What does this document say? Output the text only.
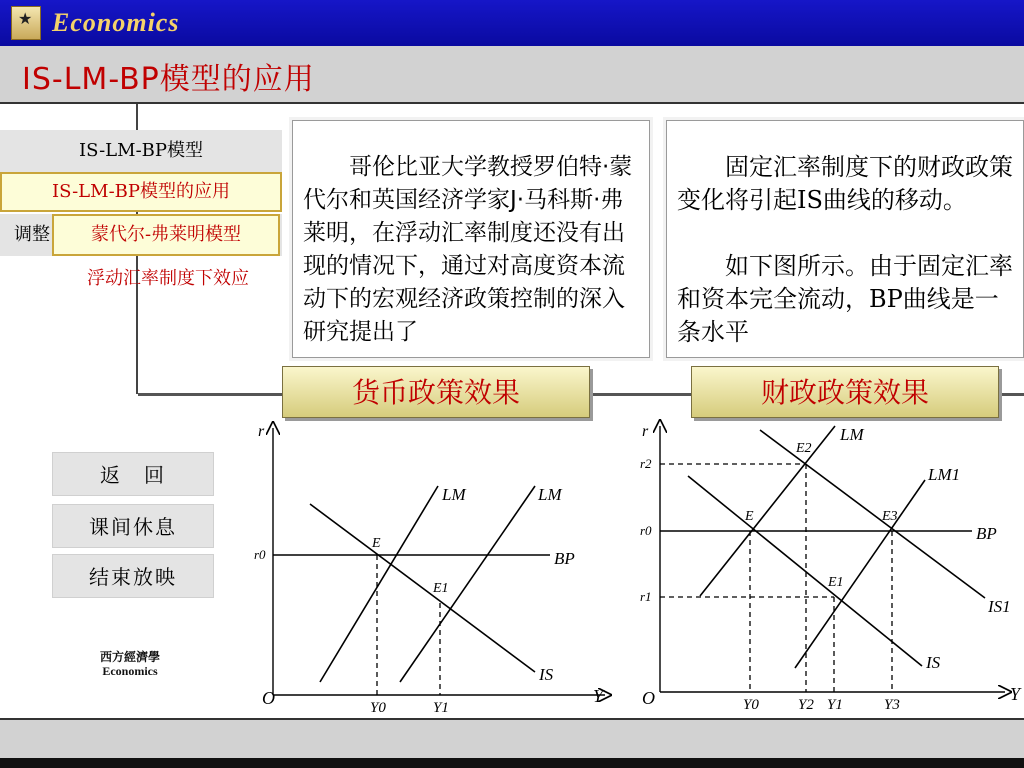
★ Economics
IS-LM-BP模型的应用
IS-LM-BP模型
IS-LM-BP模型的应用
调整	蒙代尔-弗莱明模型
浮动汇率制度下效应

哥伦比亚大学教授罗伯特·蒙代尔和英国经济学家J·马科斯·弗莱明，在浮动汇率制度还没有出现的情况下，通过对高度资本流动下的宏观经济政策控制的深入研究提出了

固定汇率制度下的财政政策变化将引起IS曲线的移动。

如下图所示。由于固定汇率和资本完全流动，BP曲线是一条水平

货币政策效果	财政政策效果
返　回
课间休息
结束放映
西方經濟學
Economics
r
Y
O
BP
LM	LM
IS
E
E1
r0
Y0	Y1
r
Y
O
BP
LM
LM1
IS1
IS
E2
E	E3
E1
r2
r0
r1
Y0	Y2 Y1	Y3
